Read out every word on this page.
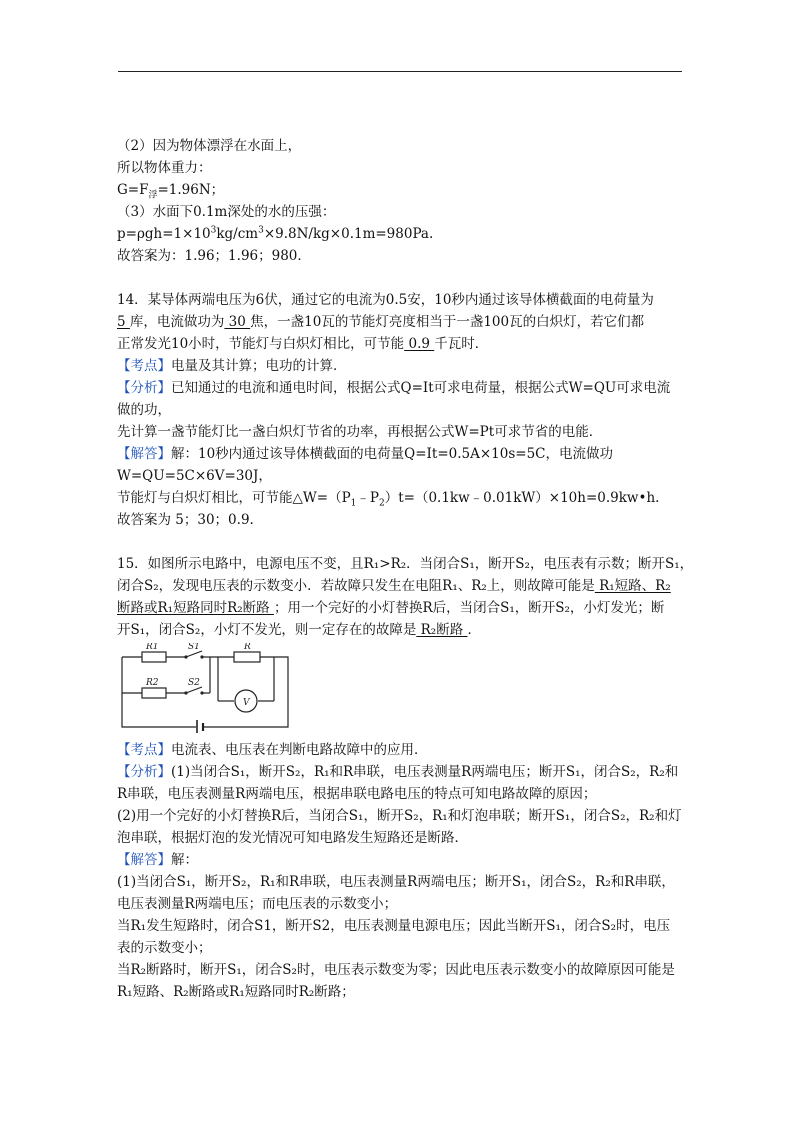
（2）因为物体漂浮在水面上，
所以物体重力：
$G=F_浮=1.96N$；
（3）水面下0.1m深处的水的压强：
$p=\rho gh=1\times 10^3kg/cm^3\times 9.8N/kg\times 0.1m=980Pa$.
故答案为：1.96；1.96；980．
14．某导体两端电压为6伏，通过它的电流为0.5安，10秒内通过该导体横截面的电荷量为
5 库，电流做功为 30 焦，一盏10瓦的节能灯亮度相当于一盏100瓦的白炽灯，若它们都
正常发光10小时，节能灯与白炽灯相比，可节能 0.9 千瓦时．
【考点】电量及其计算；电功的计算．
【分析】已知通过的电流和通电时间，根据公式Q=It可求电荷量，根据公式W=QU可求电流
做的功，
先计算一盏节能灯比一盏白炽灯节省的功率，再根据公式W=Pt可求节省的电能．
【解答】解：10秒内通过该导体横截面的电荷量Q=It=0.5A×10s=5C，电流做功
W=QU=5C×6V=30J，
节能灯与白炽灯相比，可节能$\triangle W=(P_1﹣P_2)t=(0.1kw﹣0.01kW)\times 10h=0.9kw•h$.
故答案为 5；30；0.9.
15．如图所示电路中，电源电压不变，且R₁>R₂．当闭合S₁，断开S₂，电压表有示数；断开S₁，
闭合S₂，发现电压表的示数变小．若故障只发生在电阻R₁、R₂上，则故障可能是 R₁短路、R₂
断路或R₁短路同时R₂断路 ；用一个完好的小灯替换R后，当闭合S₁，断开S₂，小灯发光；断
开S₁，闭合S₂，小灯不发光，则一定存在的故障是 R₂断路 ．
R1
R2
S1
S2
R
V
【考点】电流表、电压表在判断电路故障中的应用．
【分析】(1)当闭合S₁，断开S₂，R₁和R串联，电压表测量R两端电压；断开S₁，闭合S₂，R₂和
R串联，电压表测量R两端电压，根据串联电路电压的特点可知电路故障的原因；
(2)用一个完好的小灯替换R后，当闭合S₁，断开S₂，R₁和灯泡串联；断开S₁，闭合S₂，R₂和灯
泡串联，根据灯泡的发光情况可知电路发生短路还是断路．
【解答】解：
(1)当闭合S₁，断开S₂，R₁和R串联，电压表测量R两端电压；断开S₁，闭合S₂，R₂和R串联，
电压表测量R两端电压；而电压表的示数变小；
当R₁发生短路时，闭合S1，断开S2，电压表测量电源电压；因此当断开S₁，闭合S₂时，电压
表的示数变小；
当R₂断路时，断开S₁，闭合S₂时，电压表示数变为零；因此电压表示数变小的故障原因可能是
R₁短路、R₂断路或R₁短路同时R₂断路；
